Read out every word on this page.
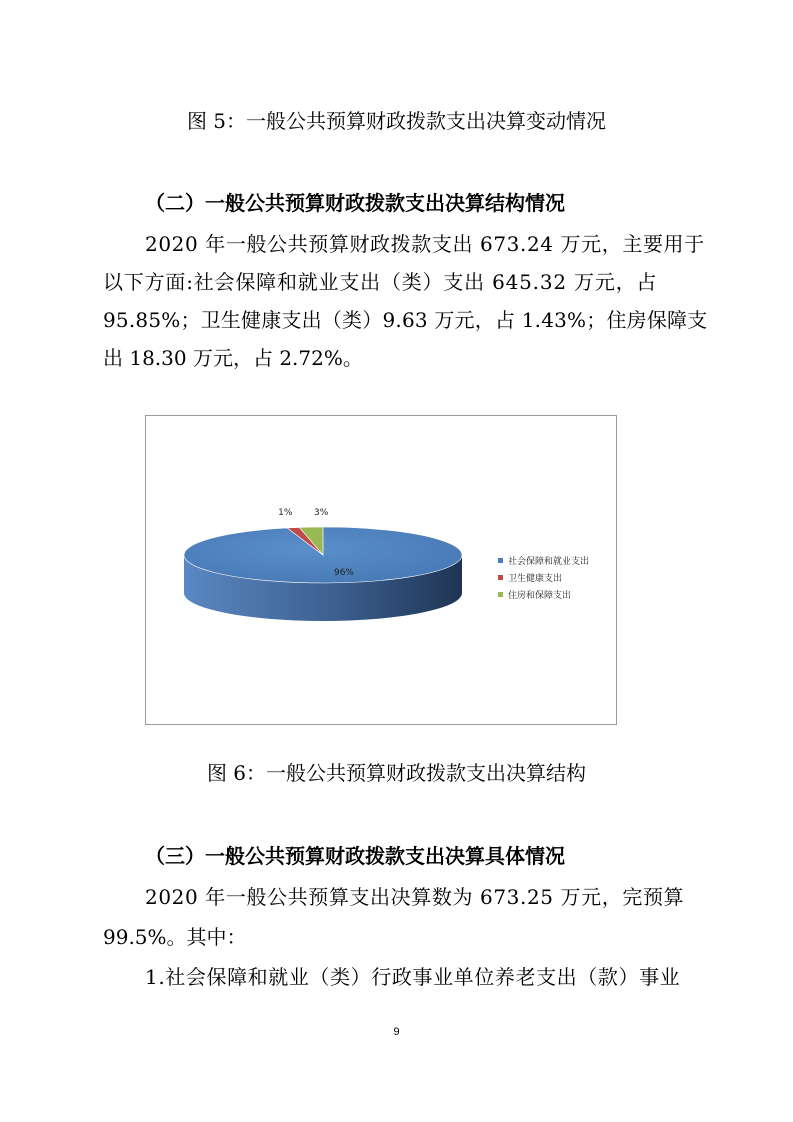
图 5：一般公共预算财政拨款支出决算变动情况
（二）一般公共预算财政拨款支出决算结构情况
2020 年一般公共预算财政拨款支出 673.24 万元，主要用于
以下方面:社会保障和就业支出（类）支出 645.32 万元，占
95.85%；卫生健康支出（类）9.63 万元，占 1.43%；住房保障支
出 18.30 万元，占 2.72%。
96%
1% 3%
社会保障和就业支出
卫生健康支出
住房和保障支出
图 6：一般公共预算财政拨款支出决算结构
（三）一般公共预算财政拨款支出决算具体情况
2020 年一般公共预算支出决算数为 673.25 万元，完预算
99.5%。其中：
1.社会保障和就业（类）行政事业单位养老支出（款）事业
9
